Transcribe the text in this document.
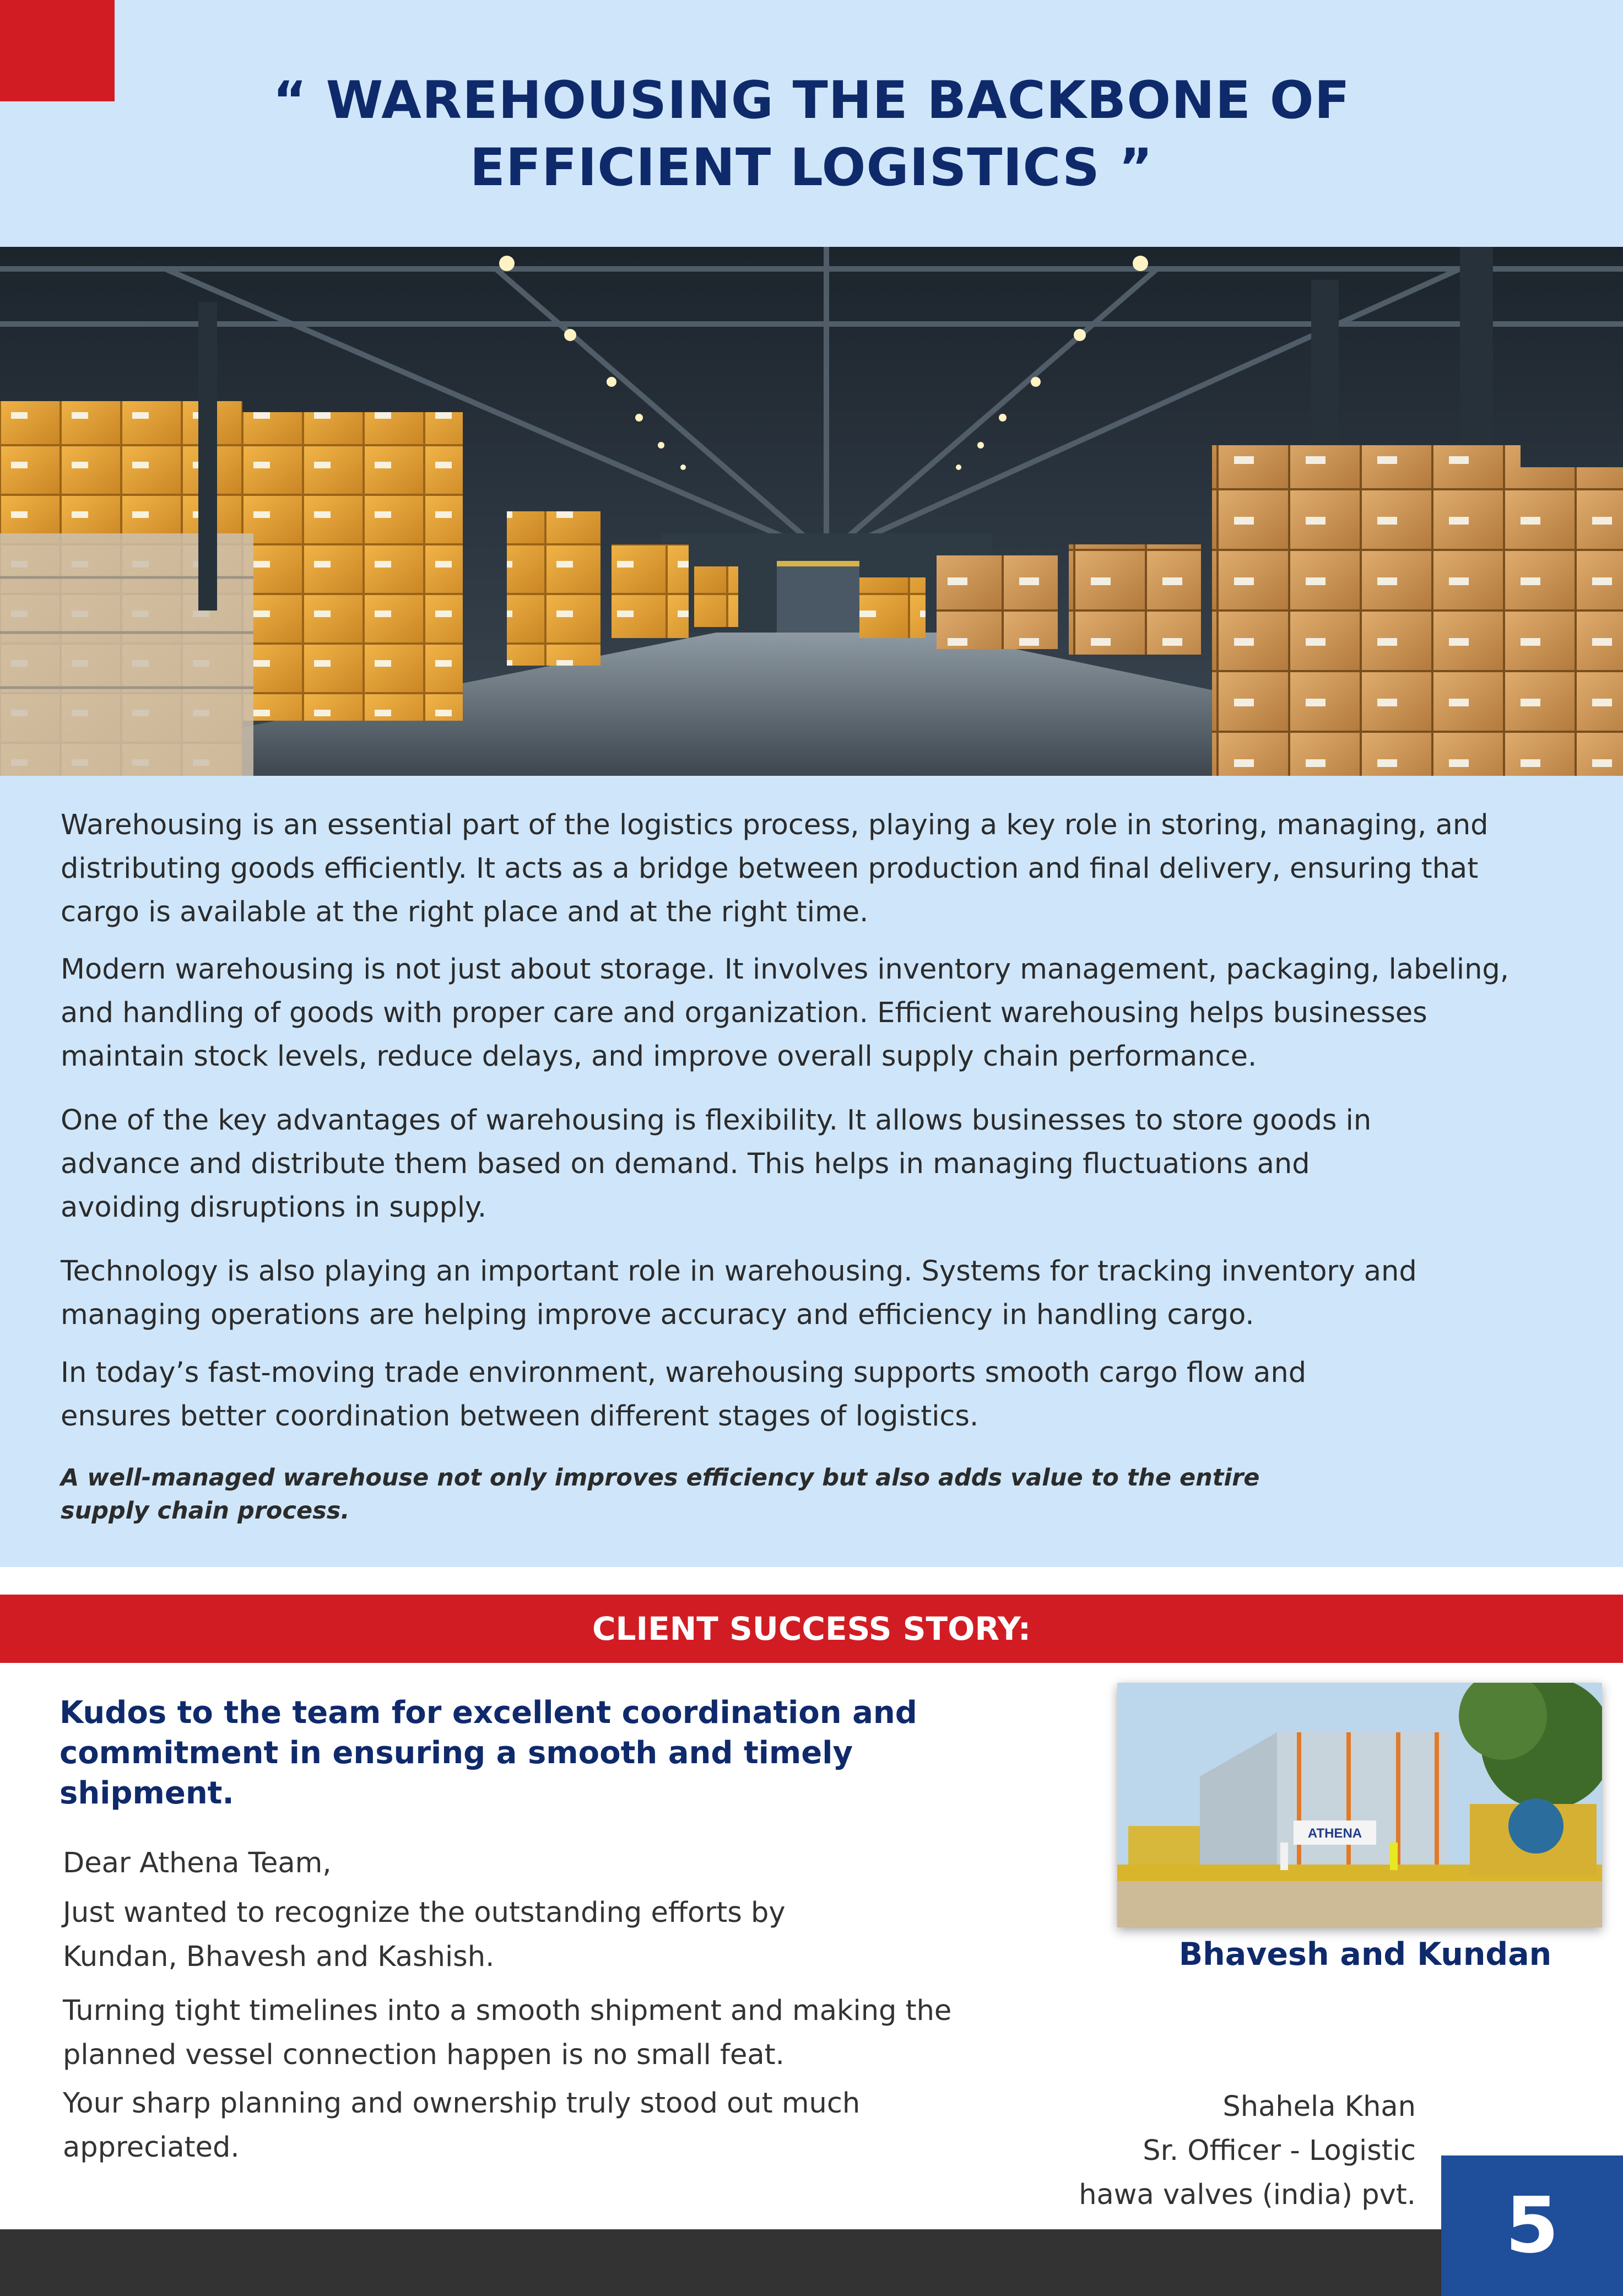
“ WAREHOUSING THE BACKBONE OF
EFFICIENT LOGISTICS ”

Warehousing is an essential part of the logistics process, playing a key role in storing, managing, and distributing goods efficiently. It acts as a bridge between production and final delivery, ensuring that cargo is available at the right place and at the right time.

Modern warehousing is not just about storage. It involves inventory management, packaging, labeling, and handling of goods with proper care and organization. Efficient warehousing helps businesses maintain stock levels, reduce delays, and improve overall supply chain performance.

One of the key advantages of warehousing is flexibility. It allows businesses to store goods in advance and distribute them based on demand. This helps in managing fluctuations and avoiding disruptions in supply.

Technology is also playing an important role in warehousing. Systems for tracking inventory and managing operations are helping improve accuracy and efficiency in handling cargo.

In today’s fast-moving trade environment, warehousing supports smooth cargo flow and ensures better coordination between different stages of logistics.

A well-managed warehouse not only improves efficiency but also adds value to the entire supply chain process.

CLIENT SUCCESS STORY:

Kudos to the team for excellent coordination and commitment in ensuring a smooth and timely shipment.

Dear Athena Team,

Just wanted to recognize the outstanding efforts by Kundan, Bhavesh and Kashish.

Turning tight timelines into a smooth shipment and making the planned vessel connection happen is no small feat.

Your sharp planning and ownership truly stood out much appreciated.

ATHENA
Bhavesh and Kundan
Shahela Khan
Sr. Officer - Logistic
hawa valves (india) pvt.	5
